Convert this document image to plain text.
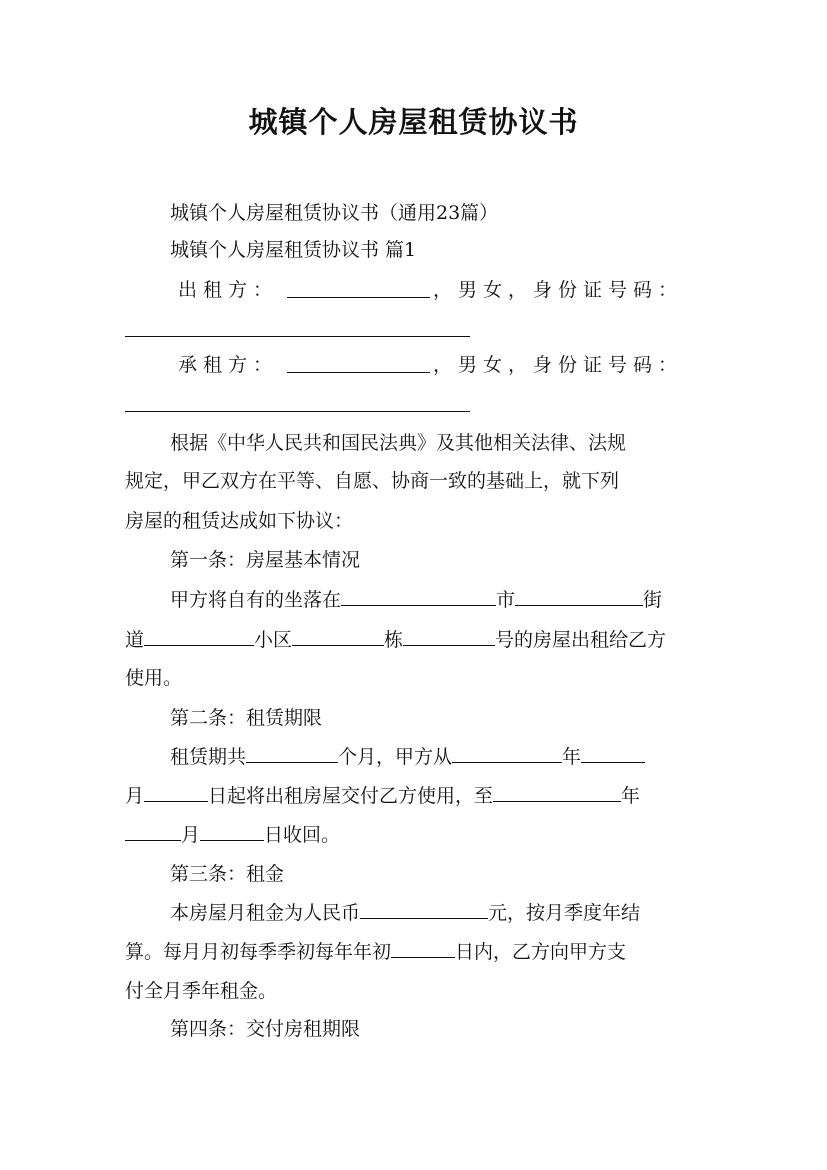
城镇个人房屋租赁协议书
城镇个人房屋租赁协议书（通用23篇）
城镇个人房屋租赁协议书 篇1
出租方：	，男女，身份证号码：
承租方：	，男女，身份证号码：
根据《中华人民共和国民法典》及其他相关法律、法规
规定，甲乙双方在平等、自愿、协商一致的基础上，就下列
房屋的租赁达成如下协议：
第一条：房屋基本情况
甲方将自有的坐落在	市	街
道	小区	栋	号的房屋出租给乙方
使用。
第二条：租赁期限
租赁期共	个月，甲方从	年
月	日起将出租房屋交付乙方使用，至	年
月	日收回。
第三条：租金
本房屋月租金为人民币	元，按月季度年结
算。每月月初每季季初每年年初	日内，乙方向甲方支
付全月季年租金。
第四条：交付房租期限
